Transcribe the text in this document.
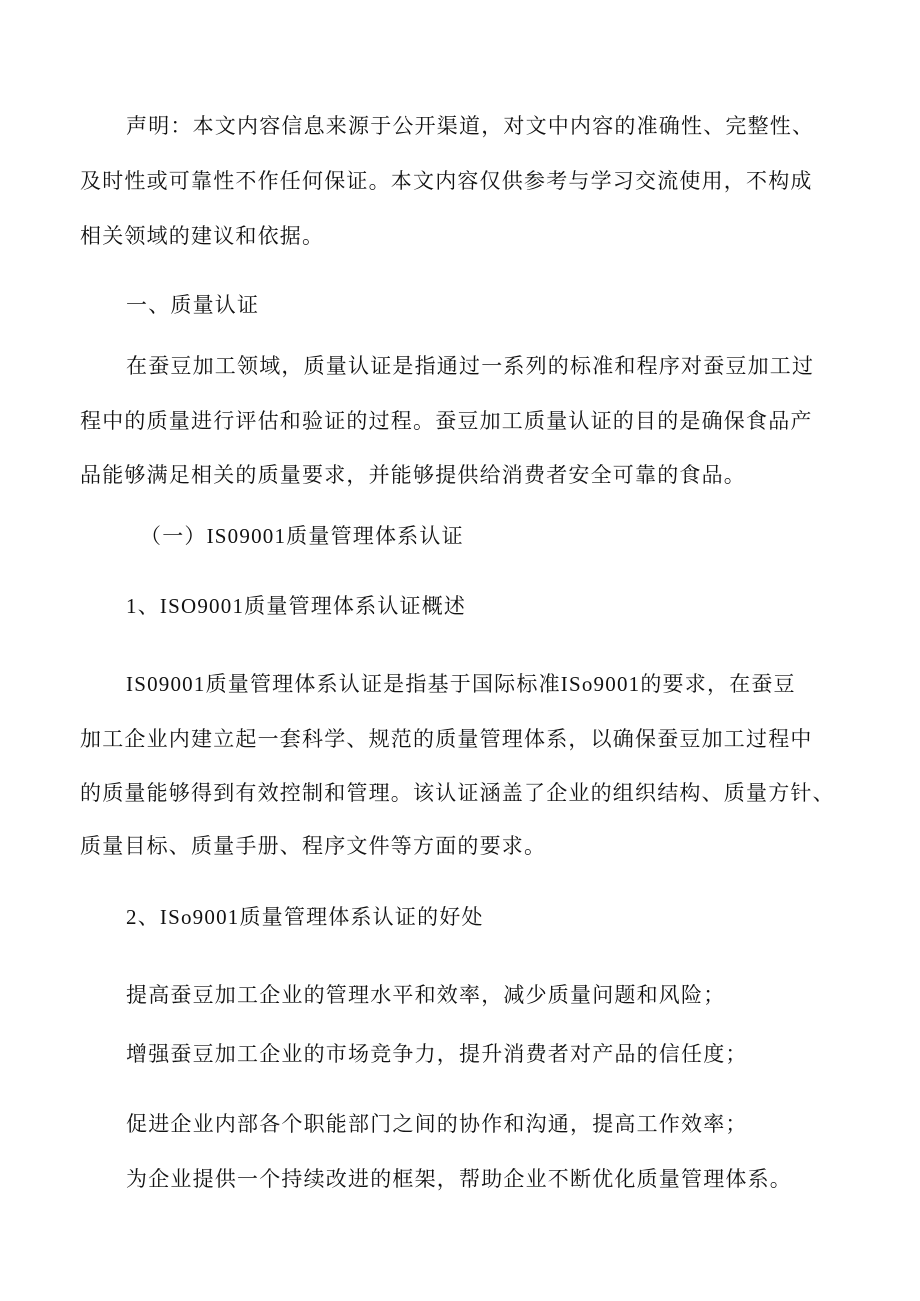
声明：本文内容信息来源于公开渠道，对文中内容的准确性、完整性、
及时性或可靠性不作任何保证。本文内容仅供参考与学习交流使用，不构成
相关领域的建议和依据。
一、质量认证
在蚕豆加工领域，质量认证是指通过一系列的标准和程序对蚕豆加工过
程中的质量进行评估和验证的过程。蚕豆加工质量认证的目的是确保食品产
品能够满足相关的质量要求，并能够提供给消费者安全可靠的食品。
（一）IS09001质量管理体系认证
1、ISO9001质量管理体系认证概述
IS09001质量管理体系认证是指基于国际标准ISo9001的要求，在蚕豆
加工企业内建立起一套科学、规范的质量管理体系，以确保蚕豆加工过程中
的质量能够得到有效控制和管理。该认证涵盖了企业的组织结构、质量方针、
质量目标、质量手册、程序文件等方面的要求。
2、ISo9001质量管理体系认证的好处
提高蚕豆加工企业的管理水平和效率，减少质量问题和风险；
增强蚕豆加工企业的市场竞争力，提升消费者对产品的信任度；
促进企业内部各个职能部门之间的协作和沟通，提高工作效率；
为企业提供一个持续改进的框架，帮助企业不断优化质量管理体系。
